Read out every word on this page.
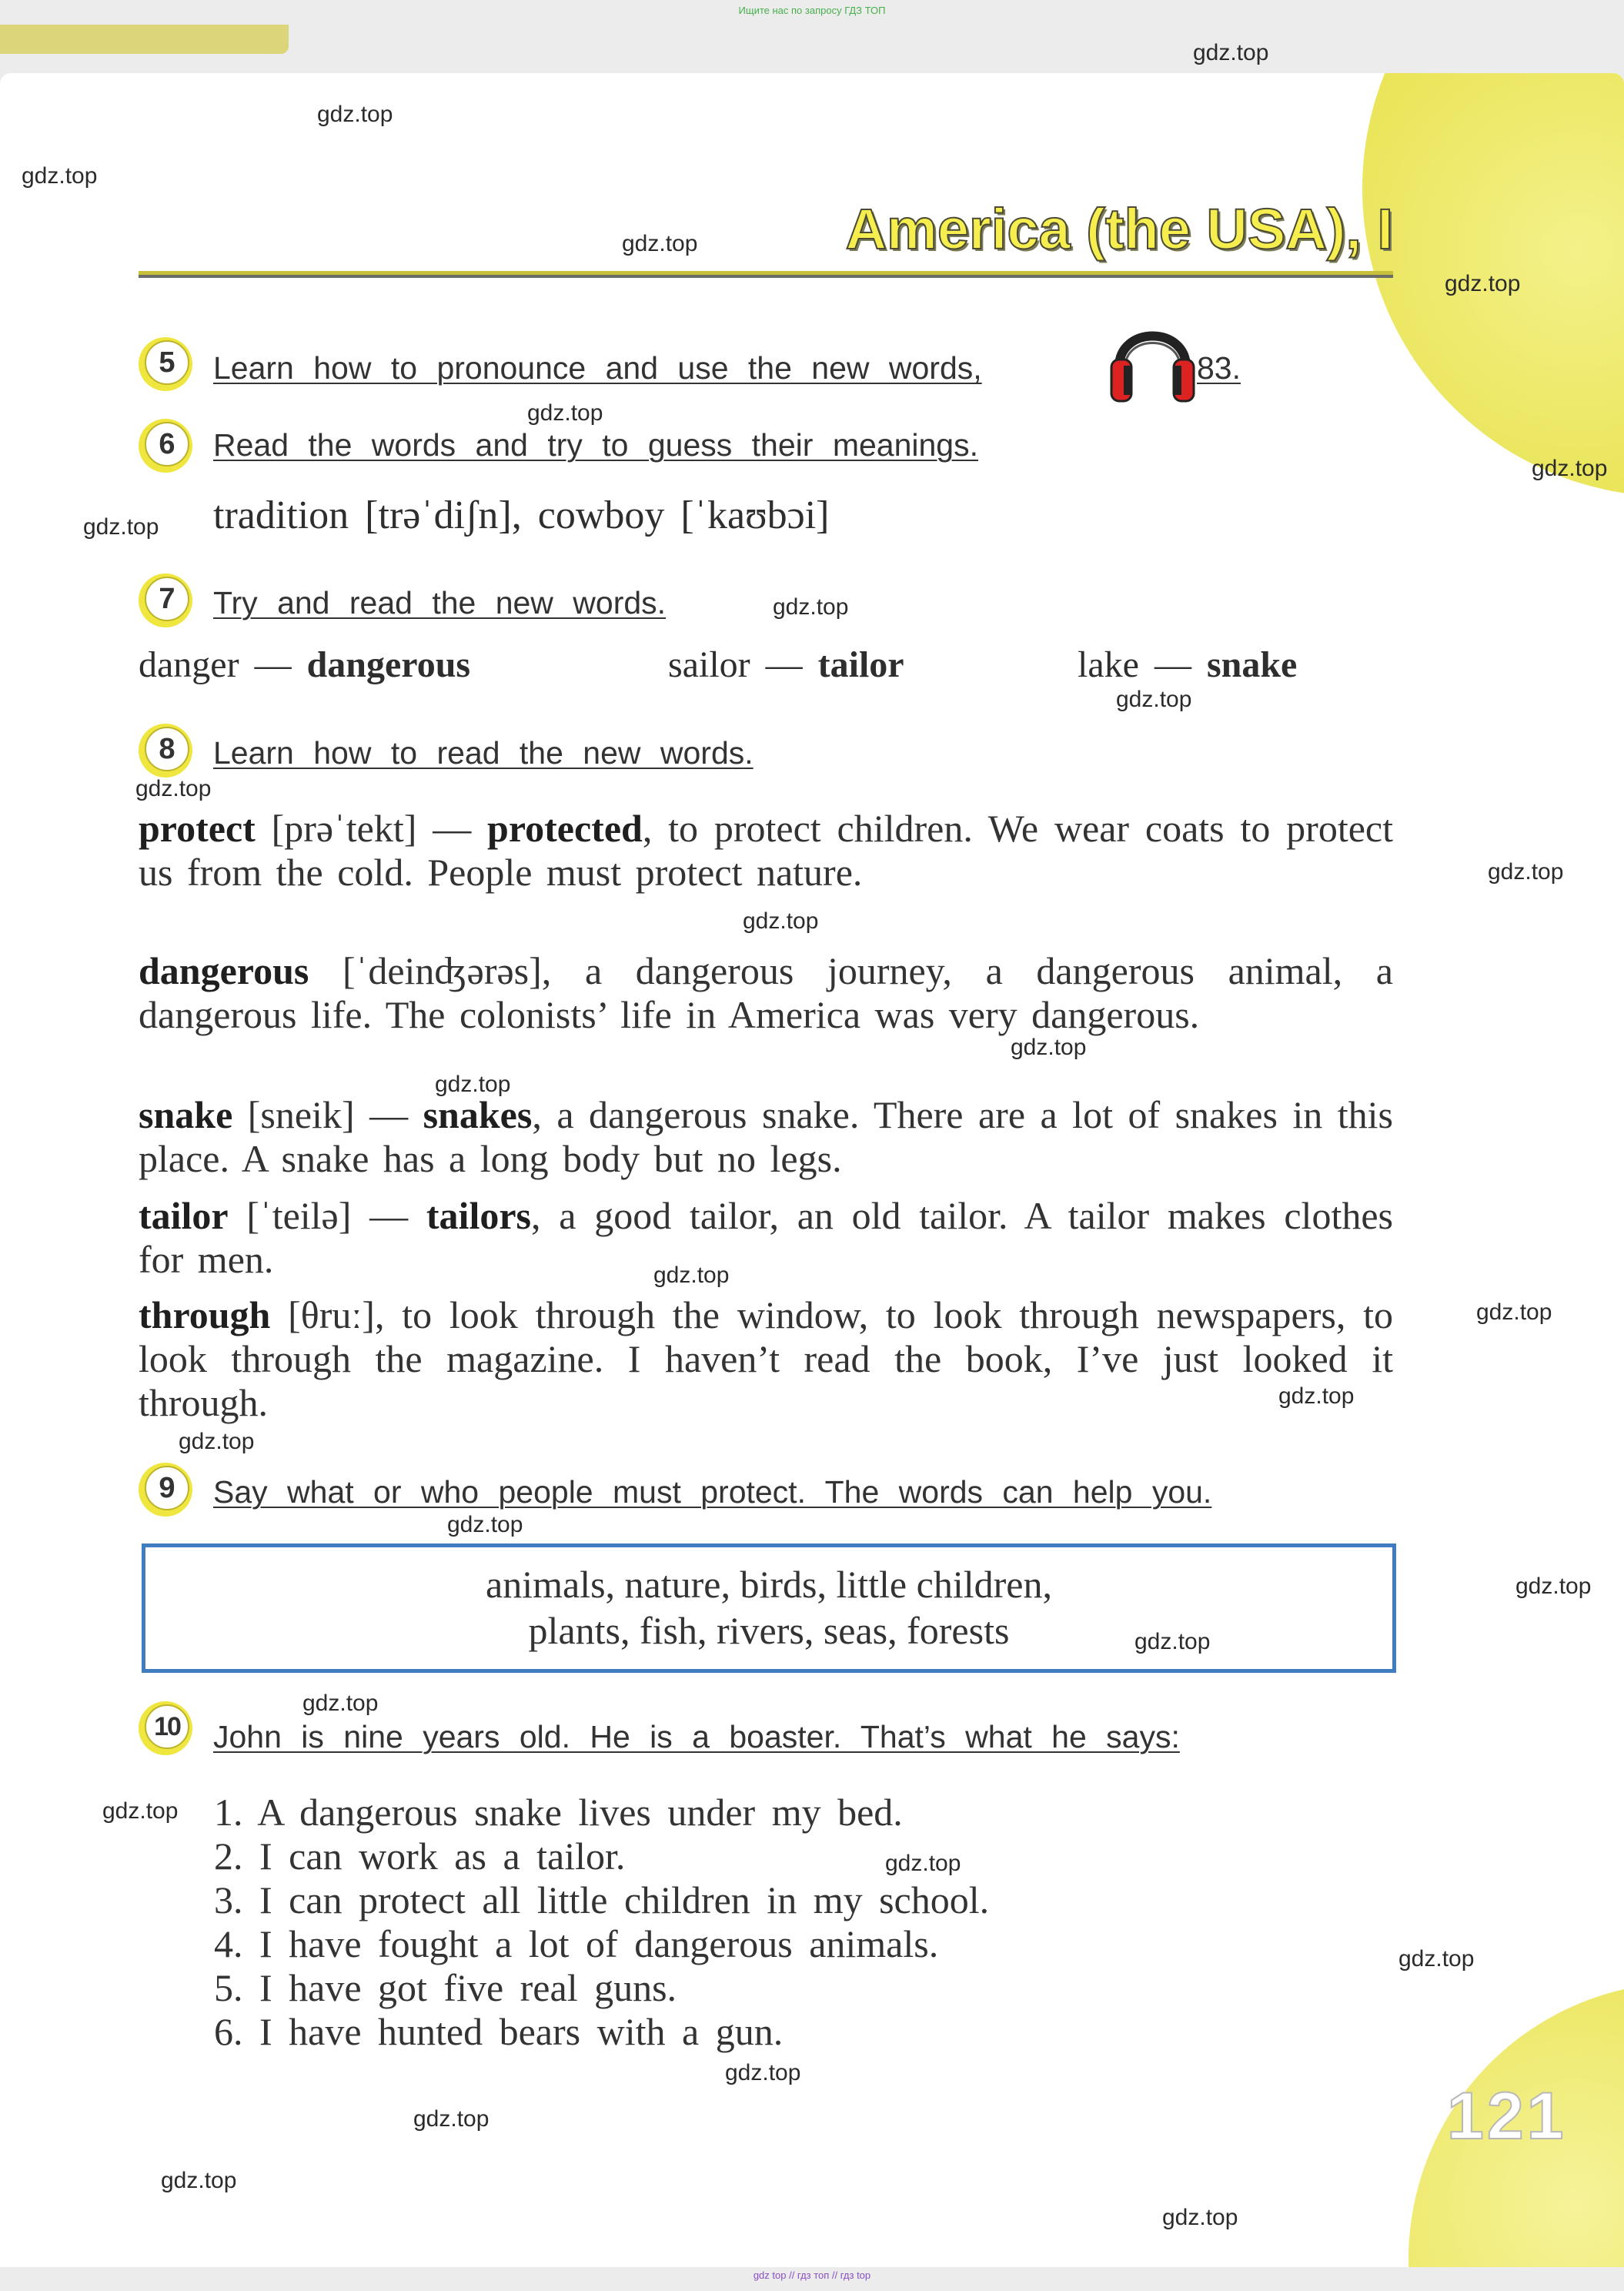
Ищите нас по запросу ГДЗ ТОП
121
America (the USA), I
5	Learn how to pronounce and use the new words,	83.
6	Read the words and try to guess their meanings.
tradition [trəˈdiʃn], cowboy [ˈkaʊbɔi]
7	Try and read the new words.
danger — dangerous	sailor — tailor	lake — snake
8	Learn how to read the new words.
protect [prəˈtekt] — protected, to protect children. We wear coats to protect us from the cold. People must protect nature.
dangerous [ˈdeinʤərəs], a dangerous journey, a dangerous animal, a dangerous life. The colonists’ life in America was very dangerous.
snake [sneik] — snakes, a dangerous snake. There are a lot of snakes in this place. A snake has a long body but no legs.
tailor [ˈteilə] — tailors, a good tailor, an old tailor. A tailor makes clothes for men.
through [θruː], to look through the window, to look through newspapers, to look through the magazine. I haven’t read the book, I’ve just looked it through.
9	Say what or who people must protect. The words can help you.
animals, nature, birds, little children,
plants, fish, rivers, seas, forests
10 John is nine years old. He is a boaster. That’s what he says:
1. A dangerous snake lives under my bed.
2. I can work as a tailor.
3. I can protect all little children in my school.
4. I have fought a lot of dangerous animals.
5. I have got five real guns.
6. I have hunted bears with a gun.
gdz.top
gdz.top
gdz.top
gdz.top
gdz.top
gdz.top
gdz.top
gdz.top
gdz.top
gdz.top
gdz.top
gdz.top
gdz.top
gdz.top
gdz.top
gdz.top
gdz.top
gdz.top
gdz.top
gdz.top
gdz.top
gdz.top
gdz.top
gdz.top
gdz.top
gdz.top
gdz.top
gdz.top
gdz.top
gdz.top
gdz top // гдз топ // гдз top
